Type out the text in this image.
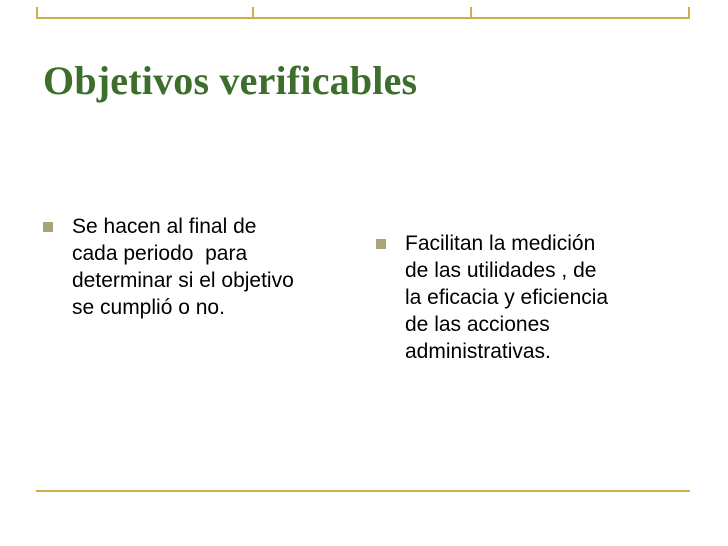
Objetivos verificables
Se hacen al final de
cada periodo  para
determinar si el objetivo
se cumplió o no.
Facilitan la medición
de las utilidades , de
la eficacia y eficiencia
de las acciones
administrativas.
